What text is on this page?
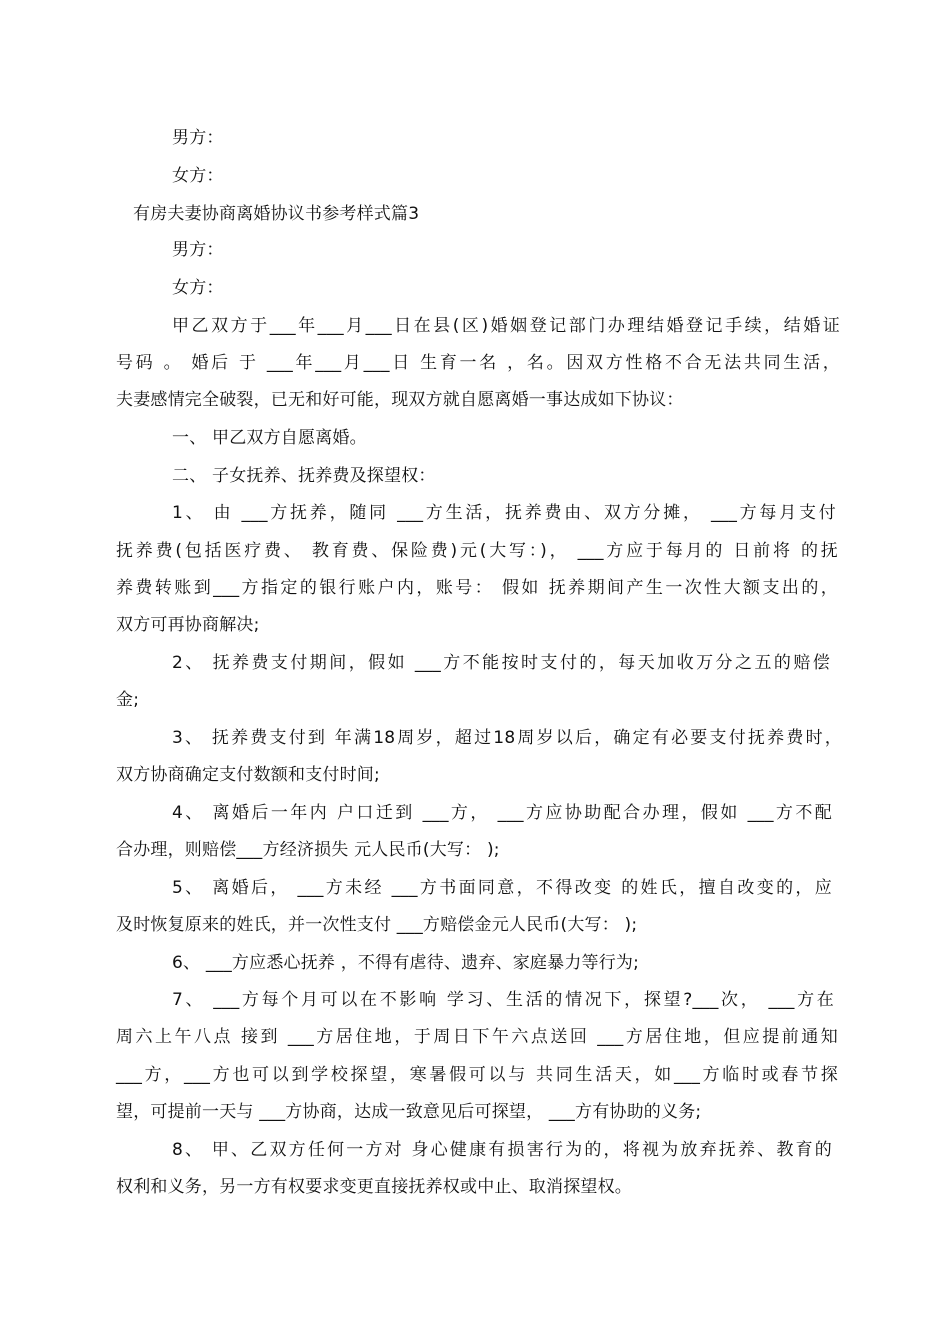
男方：
女方：
有房夫妻协商离婚协议书参考样式篇3
男方：
女方：
甲乙双方于___年___月___日在县(区)婚姻登记部门办理结婚登记手续，结婚证
号码 。 婚后 于 ___年___月___日 生育一名 ，名。因双方性格不合无法共同生活，
夫妻感情完全破裂，已无和好可能，现双方就自愿离婚一事达成如下协议：
一、 甲乙双方自愿离婚。
二、 子女抚养、抚养费及探望权：
1、 由 ___方抚养，随同 ___方生活，抚养费由、双方分摊， ___方每月支付
抚养费(包括医疗费、 教育费、保险费)元(大写：)， ___方应于每月的 日前将 的抚
养费转账到___方指定的银行账户内，账号： 假如 抚养期间产生一次性大额支出的，
双方可再协商解决;
2、 抚养费支付期间，假如 ___方不能按时支付的，每天加收万分之五的赔偿
金;
3、 抚养费支付到 年满18周岁，超过18周岁以后，确定有必要支付抚养费时，
双方协商确定支付数额和支付时间;
4、 离婚后一年内 户口迁到 ___方， ___方应协助配合办理，假如 ___方不配
合办理，则赔偿___方经济损失 元人民币(大写： );
5、 离婚后， ___方未经 ___方书面同意，不得改变 的姓氏，擅自改变的，应
及时恢复原来的姓氏，并一次性支付 ___方赔偿金元人民币(大写： );
6、 ___方应悉心抚养 ，不得有虐待、遗弃、家庭暴力等行为;
7、 ___方每个月可以在不影响 学习、生活的情况下，探望?___次， ___方在
周六上午八点 接到 ___方居住地，于周日下午六点送回 ___方居住地，但应提前通知
___方，___方也可以到学校探望，寒暑假可以与 共同生活天，如___方临时或春节探
望，可提前一天与 ___方协商，达成一致意见后可探望， ___方有协助的义务;
8、 甲、乙双方任何一方对 身心健康有损害行为的，将视为放弃抚养、教育的
权利和义务，另一方有权要求变更直接抚养权或中止、取消探望权。
